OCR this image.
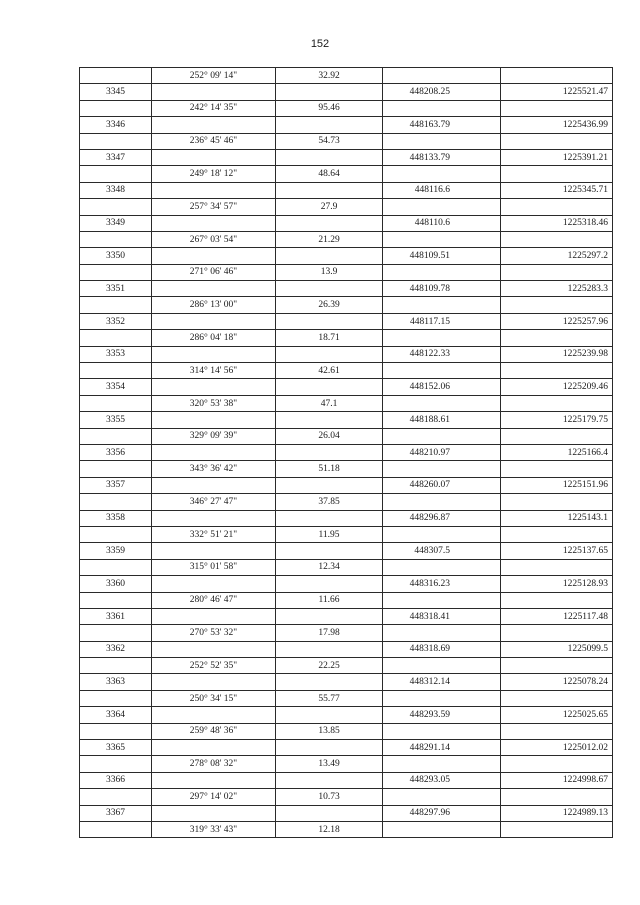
152
	252° 09' 14"	32.92		
3345			448208.25	1225521.47
	242° 14' 35"	95.46		
3346			448163.79	1225436.99
	236° 45' 46"	54.73		
3347			448133.79	1225391.21
	249° 18' 12"	48.64		
3348			448116.6	1225345.71
	257° 34' 57"	27.9		
3349			448110.6	1225318.46
	267° 03' 54"	21.29		
3350			448109.51	1225297.2
	271° 06' 46"	13.9		
3351			448109.78	1225283.3
	286° 13' 00"	26.39		
3352			448117.15	1225257.96
	286° 04' 18"	18.71		
3353			448122.33	1225239.98
	314° 14' 56"	42.61		
3354			448152.06	1225209.46
	320° 53' 38"	47.1		
3355			448188.61	1225179.75
	329° 09' 39"	26.04		
3356			448210.97	1225166.4
	343° 36' 42"	51.18		
3357			448260.07	1225151.96
	346° 27' 47"	37.85		
3358			448296.87	1225143.1
	332° 51' 21"	11.95		
3359			448307.5	1225137.65
	315° 01' 58"	12.34		
3360			448316.23	1225128.93
	280° 46' 47"	11.66		
3361			448318.41	1225117.48
	270° 53' 32"	17.98		
3362			448318.69	1225099.5
	252° 52' 35"	22.25		
3363			448312.14	1225078.24
	250° 34' 15"	55.77		
3364			448293.59	1225025.65
	259° 48' 36"	13.85		
3365			448291.14	1225012.02
	278° 08' 32"	13.49		
3366			448293.05	1224998.67
	297° 14' 02"	10.73		
3367			448297.96	1224989.13
	319° 33' 43"	12.18		
